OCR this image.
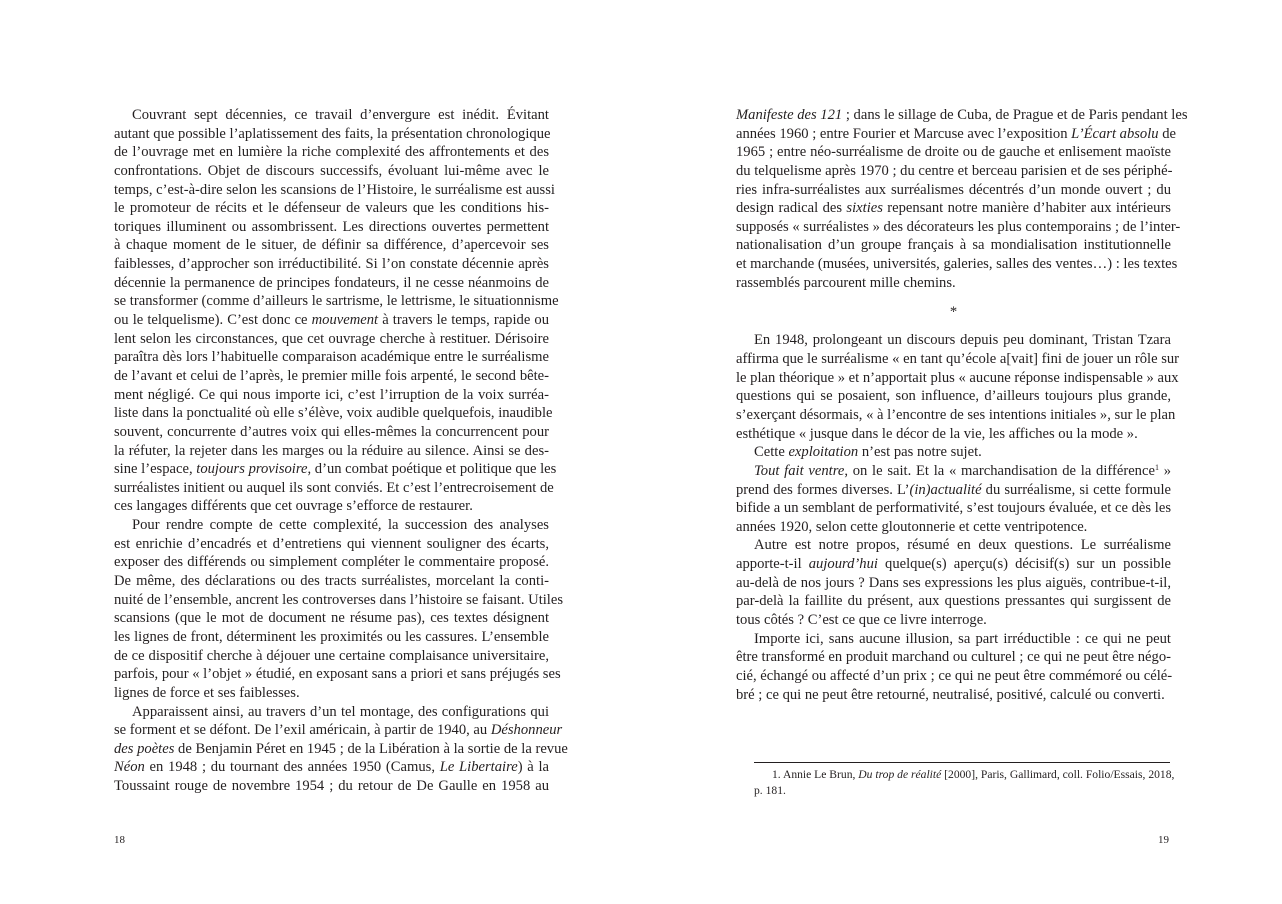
Couvrant sept décennies, ce travail d’envergure est inédit. Évitant
autant que possible l’aplatissement des faits, la présentation chronologique
de l’ouvrage met en lumière la riche complexité des affrontements et des
confrontations. Objet de discours successifs, évoluant lui-même avec le
temps, c’est-à-dire selon les scansions de l’Histoire, le surréalisme est aussi
le promoteur de récits et le défenseur de valeurs que les conditions his-
toriques illuminent ou assombrissent. Les directions ouvertes permettent
à chaque moment de le situer, de définir sa différence, d’apercevoir ses
faiblesses, d’approcher son irréductibilité. Si l’on constate décennie après
décennie la permanence de principes fondateurs, il ne cesse néanmoins de
se transformer (comme d’ailleurs le sartrisme, le lettrisme, le situationnisme
ou le telquelisme). C’est donc ce mouvement à travers le temps, rapide ou
lent selon les circonstances, que cet ouvrage cherche à restituer. Dérisoire
paraîtra dès lors l’habituelle comparaison académique entre le surréalisme
de l’avant et celui de l’après, le premier mille fois arpenté, le second bête-
ment négligé. Ce qui nous importe ici, c’est l’irruption de la voix surréa-
liste dans la ponctualité où elle s’élève, voix audible quelquefois, inaudible
souvent, concurrente d’autres voix qui elles-mêmes la concurrencent pour
la réfuter, la rejeter dans les marges ou la réduire au silence. Ainsi se des-
sine l’espace, toujours provisoire, d’un combat poétique et politique que les
surréalistes initient ou auquel ils sont conviés. Et c’est l’entrecroisement de
ces langages différents que cet ouvrage s’efforce de restaurer.
Pour rendre compte de cette complexité, la succession des analyses
est enrichie d’encadrés et d’entretiens qui viennent souligner des écarts,
exposer des différends ou simplement compléter le commentaire proposé.
De même, des déclarations ou des tracts surréalistes, morcelant la conti-
nuité de l’ensemble, ancrent les controverses dans l’histoire se faisant. Utiles
scansions (que le mot de document ne résume pas), ces textes désignent
les lignes de front, déterminent les proximités ou les cassures. L’ensemble
de ce dispositif cherche à déjouer une certaine complaisance universitaire,
parfois, pour « l’objet » étudié, en exposant sans a priori et sans préjugés ses
lignes de force et ses faiblesses.
Apparaissent ainsi, au travers d’un tel montage, des configurations qui
se forment et se défont. De l’exil américain, à partir de 1940, au Déshonneur
des poètes de Benjamin Péret en 1945 ; de la Libération à la sortie de la revue
Néon en 1948 ; du tournant des années 1950 (Camus, Le Libertaire) à la
Toussaint rouge de novembre 1954 ; du retour de De Gaulle en 1958 au
18
Manifeste des 121 ; dans le sillage de Cuba, de Prague et de Paris pendant les
années 1960 ; entre Fourier et Marcuse avec l’exposition L’Écart absolu de
1965 ; entre néo-surréalisme de droite ou de gauche et enlisement maoïste
du telquelisme après 1970 ; du centre et berceau parisien et de ses périphé-
ries infra-surréalistes aux surréalismes décentrés d’un monde ouvert ; du
design radical des sixties repensant notre manière d’habiter aux intérieurs
supposés « surréalistes » des décorateurs les plus contemporains ; de l’inter-
nationalisation d’un groupe français à sa mondialisation institutionnelle
et marchande (musées, universités, galeries, salles des ventes…) : les textes
rassemblés parcourent mille chemins.
*
En 1948, prolongeant un discours depuis peu dominant, Tristan Tzara
affirma que le surréalisme « en tant qu’école a[vait] fini de jouer un rôle sur
le plan théorique » et n’apportait plus « aucune réponse indispensable » aux
questions qui se posaient, son influence, d’ailleurs toujours plus grande,
s’exerçant désormais, « à l’encontre de ses intentions initiales », sur le plan
esthétique « jusque dans le décor de la vie, les affiches ou la mode ».
Cette exploitation n’est pas notre sujet.
Tout fait ventre, on le sait. Et la « marchandisation de la différence$^1$ »
prend des formes diverses. L’(in)actualité du surréalisme, si cette formule
bifide a un semblant de performativité, s’est toujours évaluée, et ce dès les
années 1920, selon cette gloutonnerie et cette ventripotence.
Autre est notre propos, résumé en deux questions. Le surréalisme
apporte-t-il aujourd’hui quelque(s) aperçu(s) décisif(s) sur un possible
au-delà de nos jours ? Dans ses expressions les plus aiguës, contribue-t-il,
par-delà la faillite du présent, aux questions pressantes qui surgissent de
tous côtés ? C’est ce que ce livre interroge.
Importe ici, sans aucune illusion, sa part irréductible : ce qui ne peut
être transformé en produit marchand ou culturel ; ce qui ne peut être négo-
cié, échangé ou affecté d’un prix ; ce qui ne peut être commémoré ou célé-
bré ; ce qui ne peut être retourné, neutralisé, positivé, calculé ou converti.
1. Annie Le Brun, Du trop de réalité [2000], Paris, Gallimard, coll. Folio/Essais, 2018,
p. 181.
19
